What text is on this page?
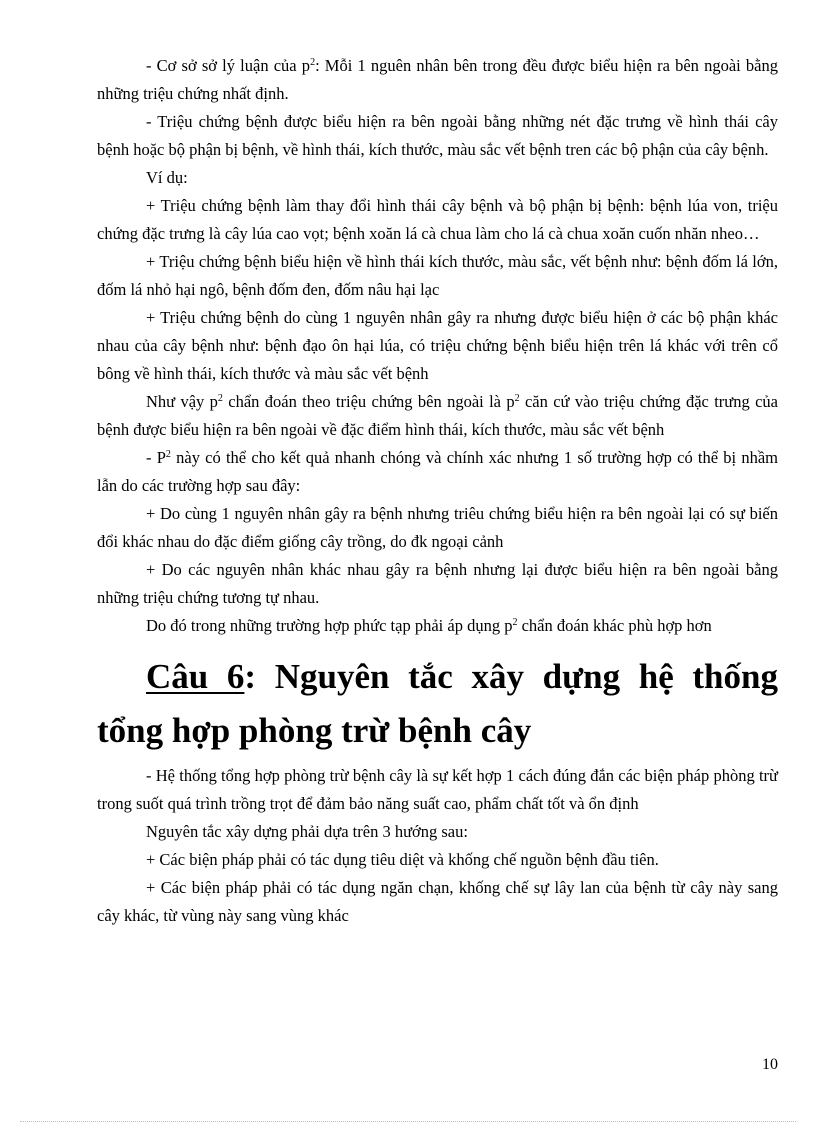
- Cơ sở sở lý luận của $p^2$: Mỗi 1 nguên nhân bên trong đều được biểu hiện ra bên ngoài bằng những triệu chứng nhất định.

- Triệu chứng bệnh được biểu hiện ra bên ngoài bằng những nét đặc trưng về hình thái cây bệnh hoặc bộ phận bị bệnh, về hình thái, kích thước, màu sắc vết bệnh tren các bộ phận của cây bệnh.

Ví dụ:

+ Triệu chứng bệnh làm thay đổi hình thái cây bệnh và bộ phận bị bệnh: bệnh lúa von, triệu chứng đặc trưng là cây lúa cao vọt; bệnh xoăn lá cà chua làm cho lá cà chua xoăn cuốn nhăn nheo…

+ Triệu chứng bệnh biểu hiện về hình thái kích thước, màu sắc, vết bệnh như: bệnh đốm lá lớn, đốm lá nhỏ hại ngô, bệnh đốm đen, đốm nâu hại lạc

+ Triệu chứng bệnh do cùng 1 nguyên nhân gây ra nhưng được biểu hiện ở các bộ phận khác nhau của cây bệnh như: bệnh đạo ôn hại lúa, có triệu chứng bệnh biểu hiện trên lá khác với trên cổ bông về hình thái, kích thước và màu sắc vết bệnh

Như vậy $p^2$ chẩn đoán theo triệu chứng bên ngoài là $p^2$ căn cứ vào triệu chứng đặc trưng của bệnh được biểu hiện ra bên ngoài về đặc điểm hình thái, kích thước, màu sắc vết bệnh

- $P^2$ này có thể cho kết quả nhanh chóng và chính xác nhưng 1 số trường hợp có thể bị nhầm lẫn do các trường hợp sau đây:

+ Do cùng 1 nguyên nhân gây ra bệnh nhưng triêu chứng biểu hiện ra bên ngoài lại có sự biến đổi khác nhau do đặc điểm giống cây trồng, do đk ngoại cảnh

+ Do các nguyên nhân khác nhau gây ra bệnh nhưng lại được biểu hiện ra bên ngoài bằng những triệu chứng tương tự nhau.

Do đó trong những trường hợp phức tạp phải áp dụng $p^2$ chẩn đoán khác phù hợp hơn

Câu 6: Nguyên tắc xây dựng hệ thống tổng hợp phòng trừ bệnh cây

- Hệ thống tổng hợp phòng trừ bệnh cây là sự kết hợp 1 cách đúng đắn các biện pháp phòng trừ trong suốt quá trình trồng trọt để đảm bảo năng suất cao, phẩm chất tốt và ổn định

Nguyên tắc xây dựng phải dựa trên 3 hướng sau:

+ Các biện pháp phải có tác dụng tiêu diệt và khống chế nguồn bệnh đầu tiên.

+ Các biện pháp phải có tác dụng ngăn chạn, khống chế sự lây lan của bệnh từ cây này sang cây khác, từ vùng này sang vùng khác

10
